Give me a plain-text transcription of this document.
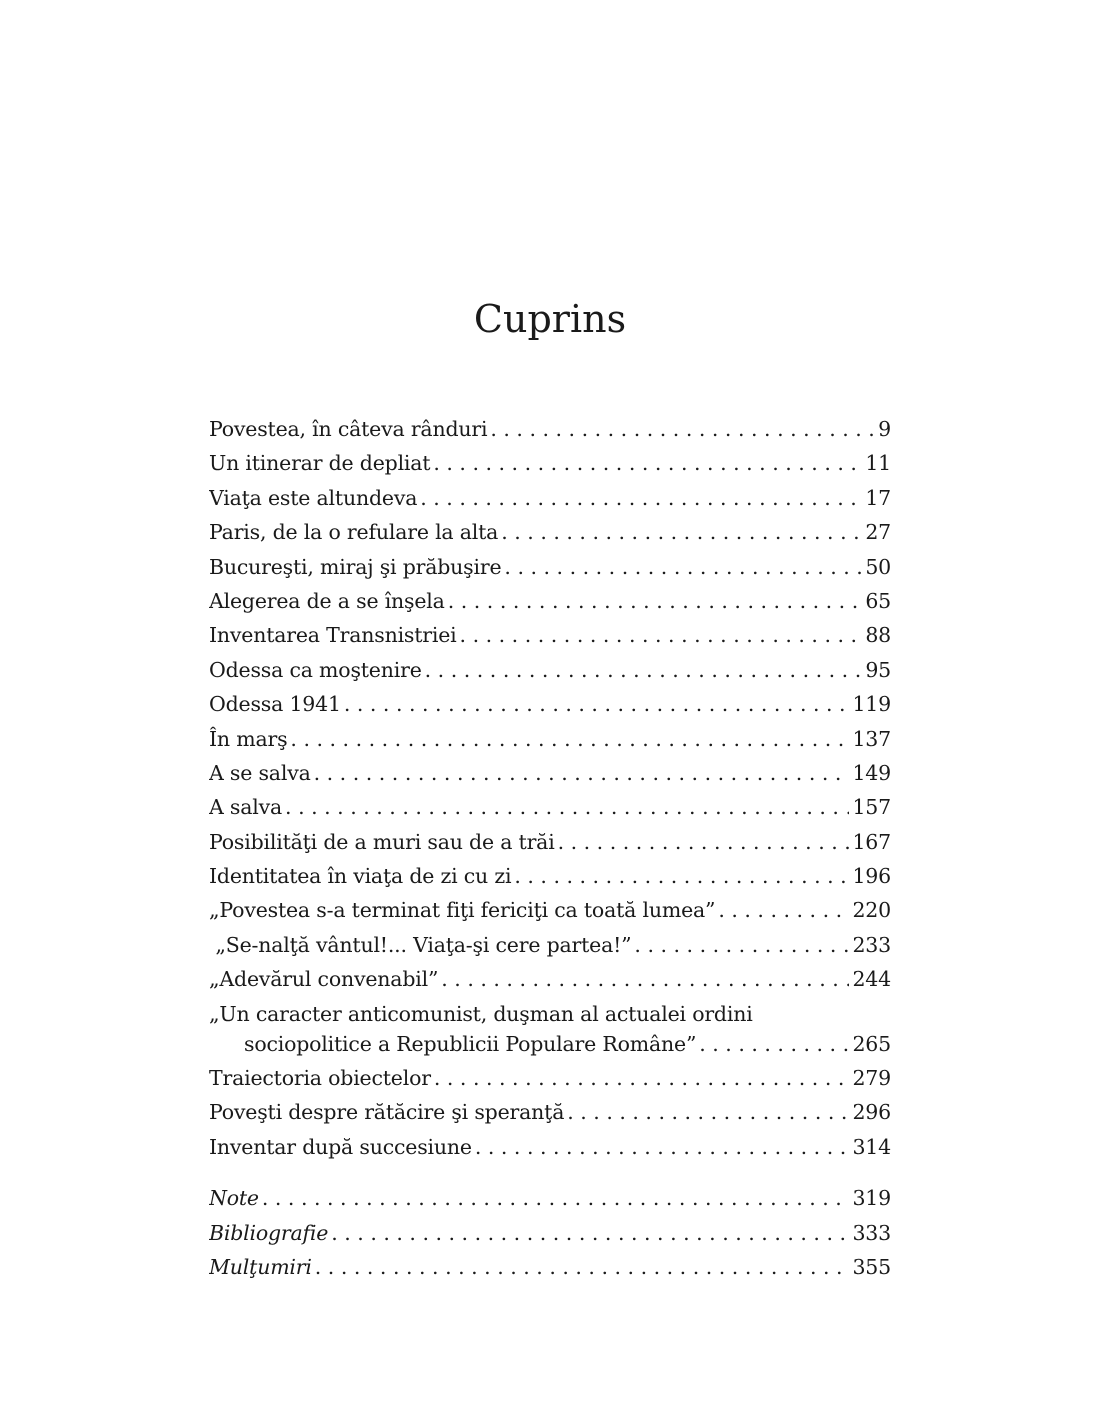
Cuprins
Povestea, în câteva rânduri . . .	9
Un itinerar de depliat . . .	11
Viaţa este altundeva . . .	17
Paris, de la o refulare la alta . . .	27
Bucureşti, miraj şi prăbuşire . . .	50
Alegerea de a se înşela . . .	65
Inventarea Transnistriei . . .	88
Odessa ca moştenire . . .	95
Odessa 1941 . . .	119
În marş . . .	137
A se salva . . .	149
A salva . . .	157
Posibilităţi de a muri sau de a trăi . . .	167
Identitatea în viaţa de zi cu zi . . .	196
„Povestea s-a terminat fiţi fericiţi ca toată lumea” . . .	220
„Se-nalţă vântul!... Viaţa-şi cere partea!” . . .	233
„Adevărul convenabil” . . .	244
„Un caracter anticomunist, duşman al actualei ordini
sociopolitice a Republicii Populare Române” . . .	265
Traiectoria obiectelor . . .	279
Poveşti despre rătăcire şi speranţă . . .	296
Inventar după succesiune . . .	314
Note . . .	319
Bibliografie . . .	333
Mulţumiri . . .	355
